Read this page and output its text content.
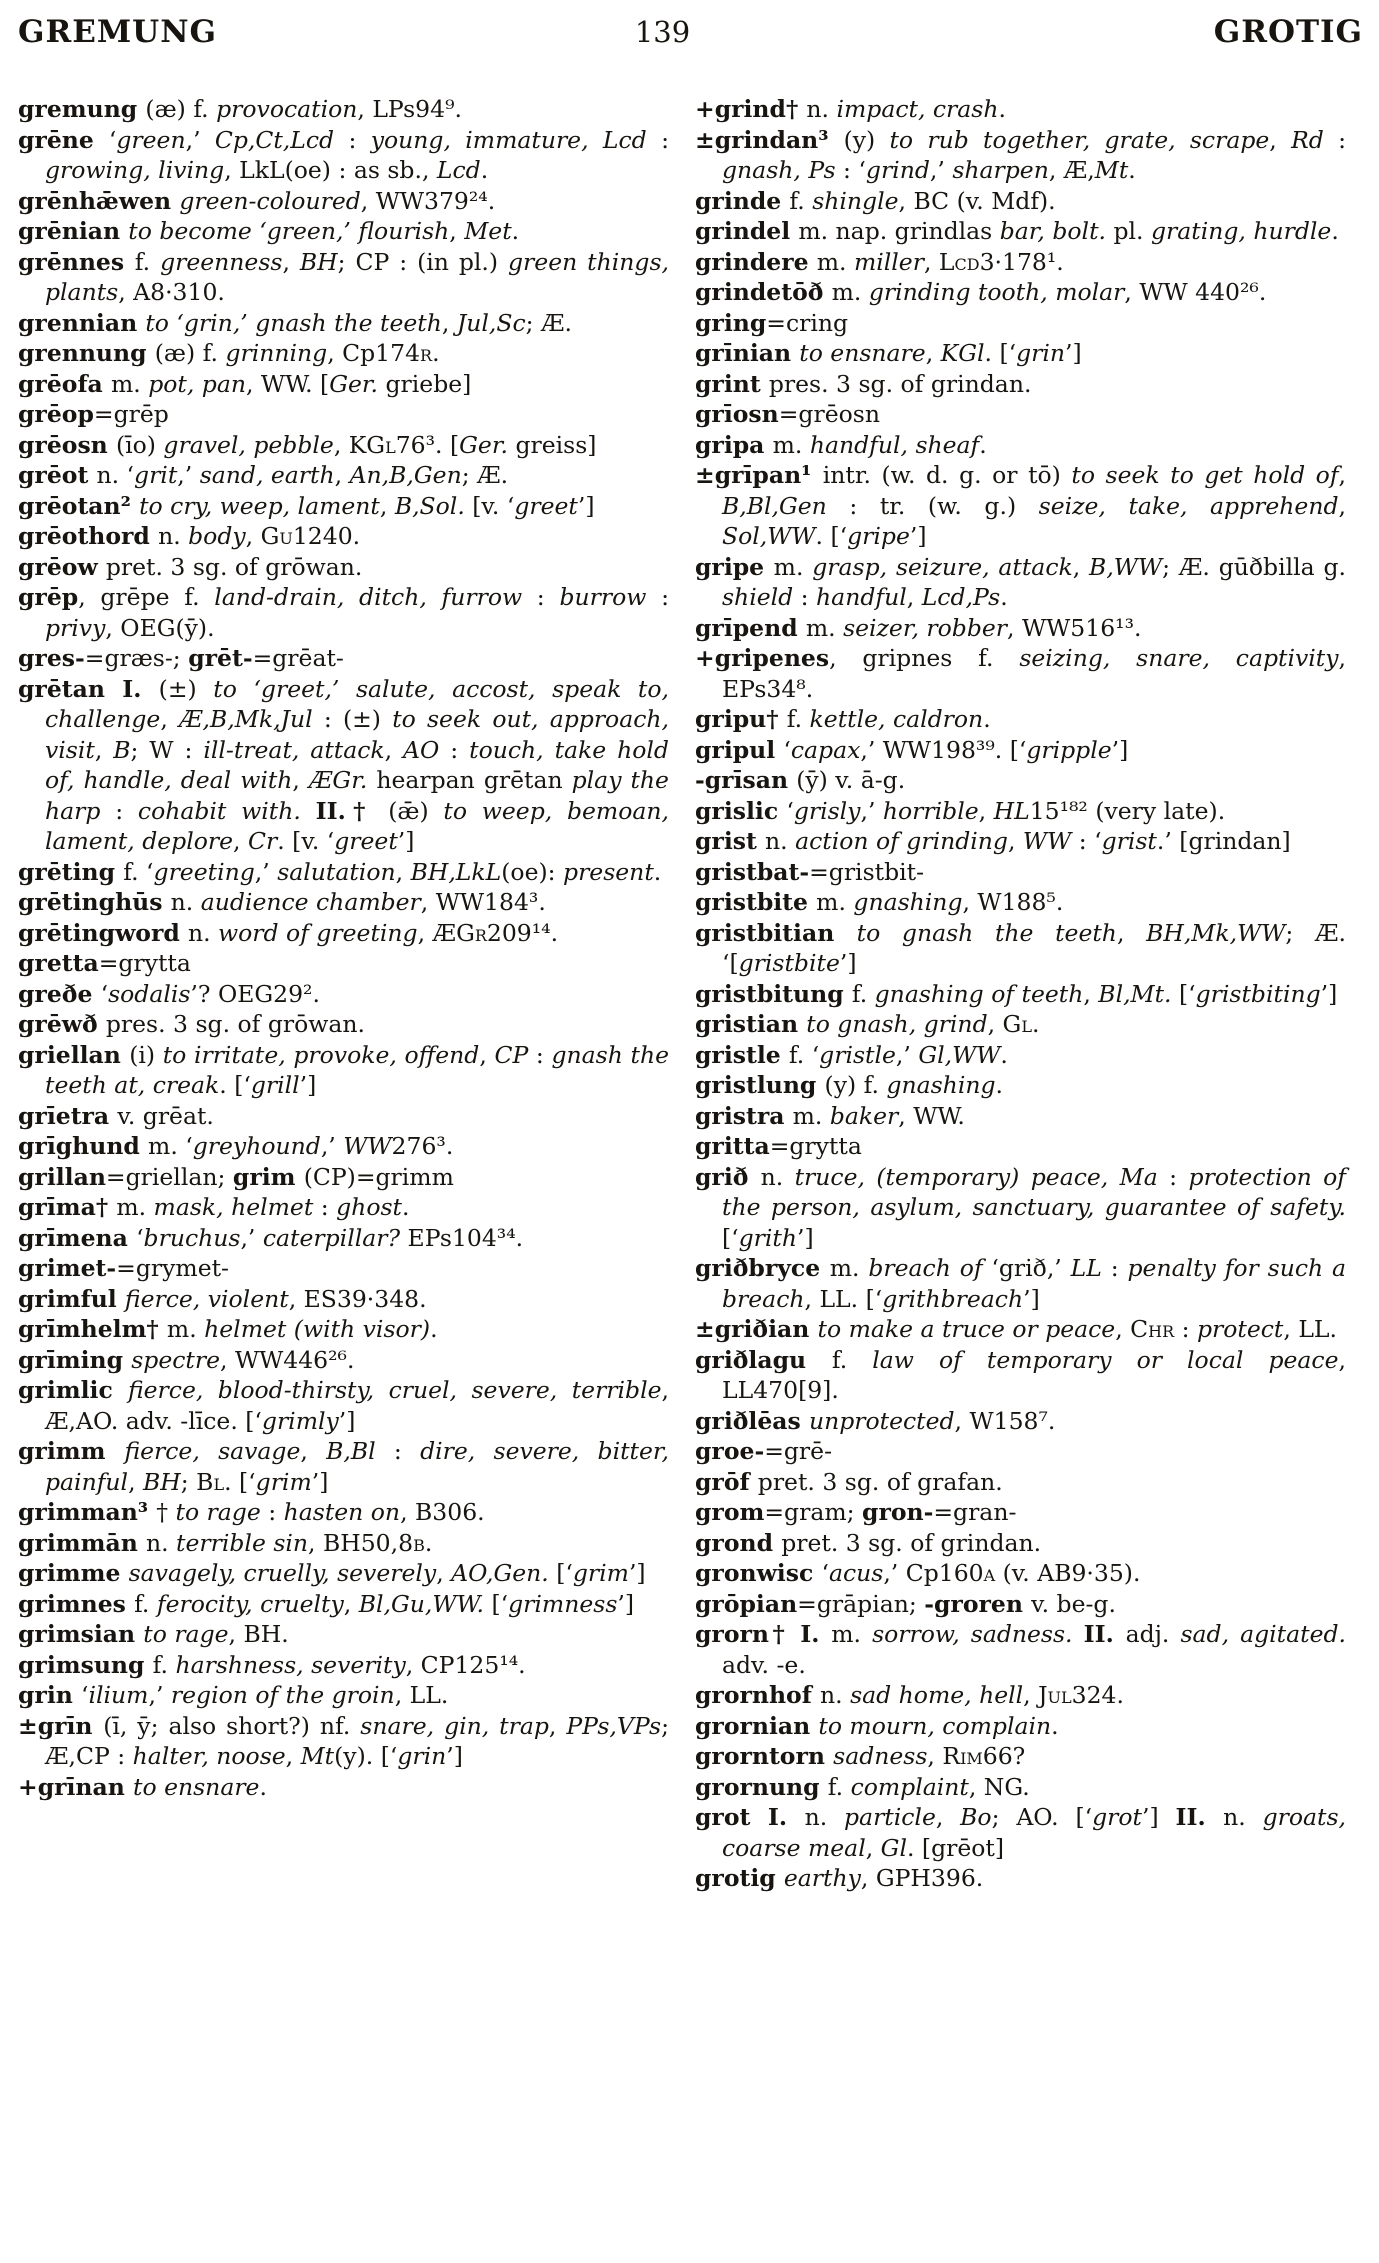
GREMUNG	139	GROTIG

gremung (æ) f. provocation, LPs94⁹.

grēne ‘green,’ Cp,Ct,Lcd : young, immature, Lcd : growing, living, LkL(oe) : as sb., Lcd.

grēnhǣwen green-coloured, WW379²⁴.

grēnian to become ‘green,’ flourish, Met.

grēnnes f. greenness, BH; CP : (in pl.) green things, plants, A8·310.

grennian to ‘grin,’ gnash the teeth, Jul,Sc; Æ.

grennung (æ) f. grinning, Cp174r.

grēofa m. pot, pan, WW. [Ger. griebe]

grēop=grēp

grēosn (īo) gravel, pebble, KGl76³. [Ger. greiss]

grēot n. ‘grit,’ sand, earth, An,B,Gen; Æ.

grēotan² to cry, weep, lament, B,Sol. [v. ‘greet’]

grēothord n. body, Gu1240.

grēow pret. 3 sg. of grōwan.

grēp, grēpe f. land-drain, ditch, furrow : burrow : privy, OEG(ȳ).

gres-=græs-; grēt-=grēat-

grētan I. (±) to ‘greet,’ salute, accost, speak to, challenge, Æ,B,Mk,Jul : (±) to seek out, approach, visit, B; W : ill-treat, attack, AO : touch, take hold of, handle, deal with, ÆGr. hearpan grētan play the harp : cohabit with. II.† (ǣ) to weep, bemoan, lament, deplore, Cr. [v. ‘greet’]

grēting f. ‘greeting,’ salutation, BH,LkL(oe): present.

grētinghūs n. audience chamber, WW184³.

grētingword n. word of greeting, ÆGr209¹⁴.

gretta=grytta

greðe ‘sodalis’? OEG29².

grēwð pres. 3 sg. of grōwan.

griellan (i) to irritate, provoke, offend, CP : gnash the teeth at, creak. [‘grill’]

grīetra v. grēat.

grīghund m. ‘greyhound,’ WW276³.

grillan=griellan; grim (CP)=grimm

grīma† m. mask, helmet : ghost.

grīmena ‘bruchus,’ caterpillar? EPs104³⁴.

grimet-=grymet-

grimful fierce, violent, ES39·348.

grīmhelm† m. helmet (with visor).

grīming spectre, WW446²⁶.

grimlic fierce, blood-thirsty, cruel, severe, terrible, Æ,AO. adv. -līce. [‘grimly’]

grimm fierce, savage, B,Bl : dire, severe, bitter, painful, BH; Bl. [‘grim’]

grimman³ † to rage : hasten on, B306.

grimmān n. terrible sin, BH50,8b.

grimme savagely, cruelly, severely, AO,Gen. [‘grim’]

grimnes f. ferocity, cruelty, Bl,Gu,WW. [‘grimness’]

grimsian to rage, BH.

grimsung f. harshness, severity, CP125¹⁴.

grin ‘ilium,’ region of the groin, LL.

±grīn (ī, ȳ; also short?) nf. snare, gin, trap, PPs,VPs; Æ,CP : halter, noose, Mt(y). [‘grin’]

+grīnan to ensnare.

+grind† n. impact, crash.

±grindan³ (y) to rub together, grate, scrape, Rd : gnash, Ps : ‘grind,’ sharpen, Æ,Mt.

grinde f. shingle, BC (v. Mdf).

grindel m. nap. grindlas bar, bolt. pl. grating, hurdle.

grindere m. miller, Lcd3·178¹.

grindetōð m. grinding tooth, molar, WW 440²⁶.

gring=cring

grīnian to ensnare, KGl. [‘grin’]

grint pres. 3 sg. of grindan.

grīosn=grēosn

gripa m. handful, sheaf.

±grīpan¹ intr. (w. d. g. or tō) to seek to get hold of, B,Bl,Gen : tr. (w. g.) seize, take, apprehend, Sol,WW. [‘gripe’]

gripe m. grasp, seizure, attack, B,WW; Æ. gūðbilla g. shield : handful, Lcd,Ps.

grīpend m. seizer, robber, WW516¹³.

+gripenes, gripnes f. seizing, snare, captivity, EPs34⁸.

gripu† f. kettle, caldron.

gripul ‘capax,’ WW198³⁹. [‘gripple’]

-grīsan (ȳ) v. ā-g.

grislic ‘grisly,’ horrible, HL15¹⁸² (very late).

grist n. action of grinding, WW : ‘grist.’ [grindan]

gristbat-=gristbit-

gristbite m. gnashing, W188⁵.

gristbitian to gnash the teeth, BH,Mk,WW; Æ. ‘[gristbite’]

gristbitung f. gnashing of teeth, Bl,Mt. [‘gristbiting’]

gristian to gnash, grind, Gl.

gristle f. ‘gristle,’ Gl,WW.

gristlung (y) f. gnashing.

gristra m. baker, WW.

gritta=grytta

grið n. truce, (temporary) peace, Ma : protection of the person, asylum, sanctuary, guarantee of safety. [‘grith’]

griðbryce m. breach of ‘grið,’ LL : penalty for such a breach, LL. [‘grithbreach’]

±griðian to make a truce or peace, Chr : protect, LL.

griðlagu f. law of temporary or local peace, LL470[9].

griðlēas unprotected, W158⁷.

groe-=grē-

grōf pret. 3 sg. of grafan.

grom=gram; gron-=gran-

grond pret. 3 sg. of grindan.

gronwisc ‘acus,’ Cp160a (v. AB9·35).

grōpian=grāpian; -groren v. be-g.

grorn† I. m. sorrow, sadness. II. adj. sad, agitated. adv. -e.

grornhof n. sad home, hell, Jul324.

grornian to mourn, complain.

grorntorn sadness, Rim66?

grornung f. complaint, NG.

grot I. n. particle, Bo; AO. [‘grot’] II. n. groats, coarse meal, Gl. [grēot]

grotig earthy, GPH396.
